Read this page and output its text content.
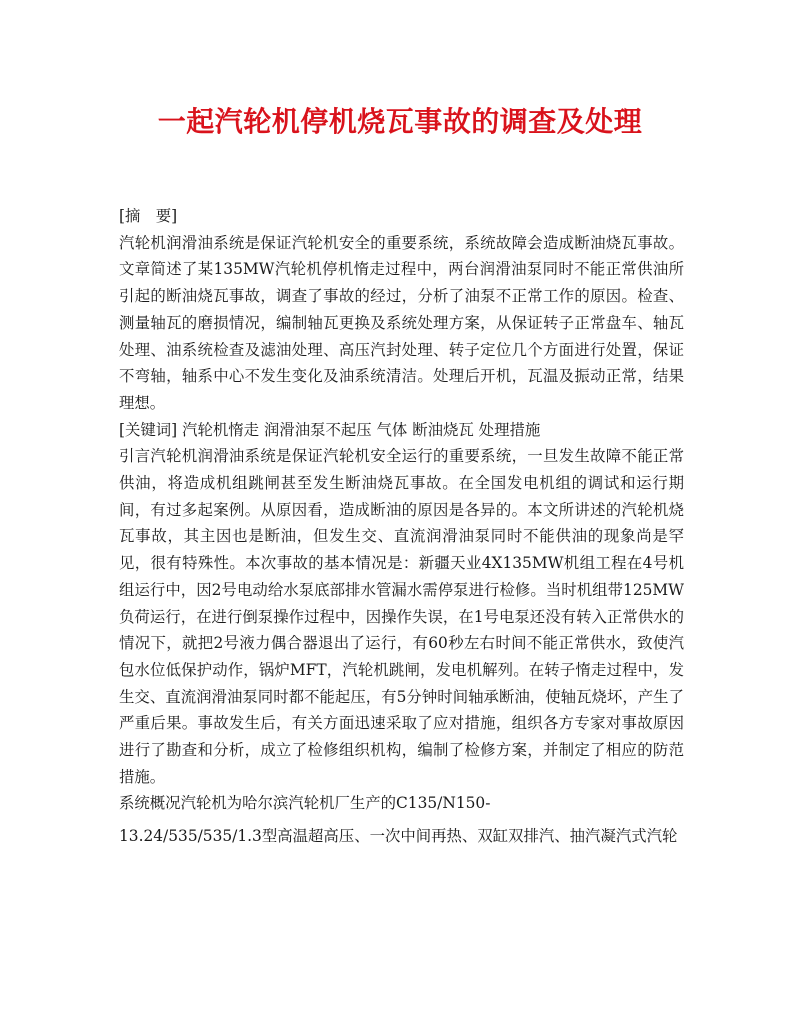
一起汽轮机停机烧瓦事故的调查及处理
[摘　要]

汽轮机润滑油系统是保证汽轮机安全的重要系统，系统故障会造成断油烧瓦事故。文章简述了某135MW汽轮机停机惰走过程中，两台润滑油泵同时不能正常供油所引起的断油烧瓦事故，调查了事故的经过，分析了油泵不正常工作的原因。检查、测量轴瓦的磨损情况，编制轴瓦更换及系统处理方案，从保证转子正常盘车、轴瓦处理、油系统检查及滤油处理、高压汽封处理、转子定位几个方面进行处置，保证不弯轴，轴系中心不发生变化及油系统清洁。处理后开机，瓦温及振动正常，结果理想。

[关键词] 汽轮机惰走 润滑油泵不起压 气体 断油烧瓦 处理措施

引言汽轮机润滑油系统是保证汽轮机安全运行的重要系统，一旦发生故障不能正常供油，将造成机组跳闸甚至发生断油烧瓦事故。在全国发电机组的调试和运行期间，有过多起案例。从原因看，造成断油的原因是各异的。本文所讲述的汽轮机烧瓦事故，其主因也是断油，但发生交、直流润滑油泵同时不能供油的现象尚是罕见，很有特殊性。本次事故的基本情况是：新疆天业4X135MW机组工程在4号机组运行中，因2号电动给水泵底部排水管漏水需停泵进行检修。当时机组带125MW负荷运行，在进行倒泵操作过程中，因操作失误，在1号电泵还没有转入正常供水的情况下，就把2号液力偶合器退出了运行，有60秒左右时间不能正常供水，致使汽包水位低保护动作，锅炉MFT，汽轮机跳闸，发电机解列。在转子惰走过程中，发生交、直流润滑油泵同时都不能起压，有5分钟时间轴承断油，使轴瓦烧坏，产生了严重后果。事故发生后，有关方面迅速采取了应对措施，组织各方专家对事故原因进行了勘查和分析，成立了检修组织机构，编制了检修方案，并制定了相应的防范措施。

系统概况汽轮机为哈尔滨汽轮机厂生产的C135/N150-

13.24/535/535/1.3型高温超高压、一次中间再热、双缸双排汽、抽汽凝汽式汽轮
